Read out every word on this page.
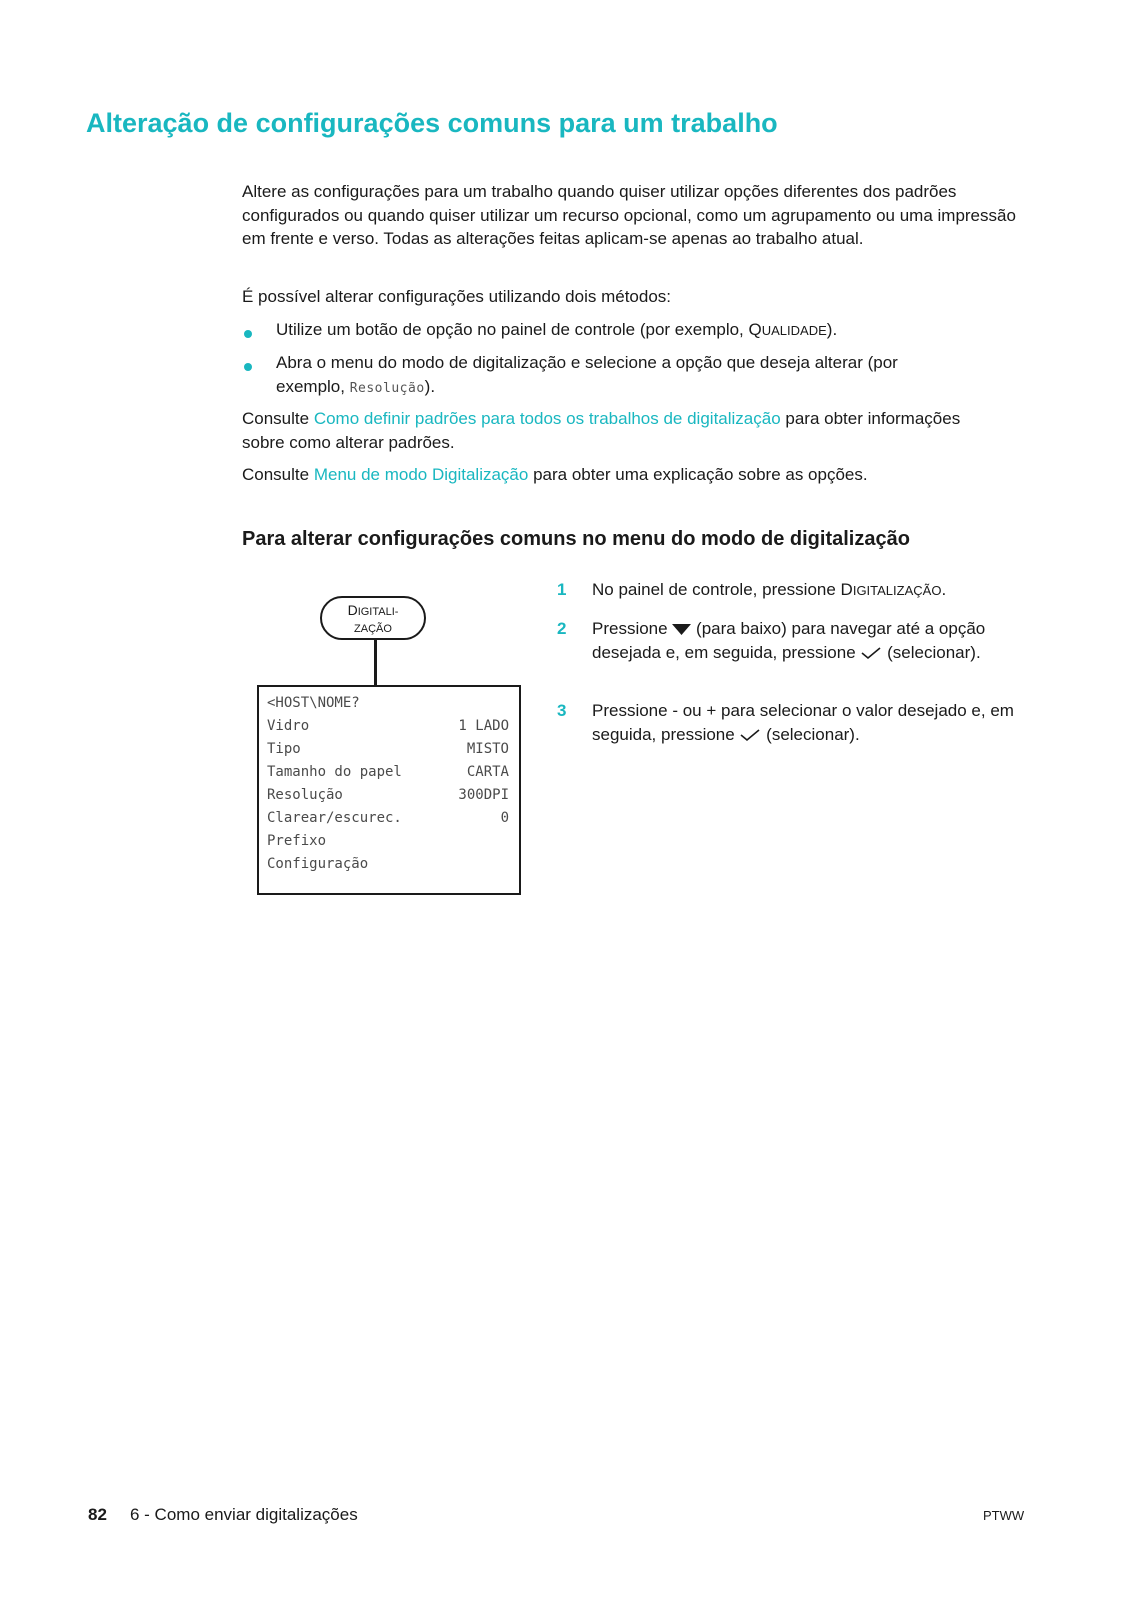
Alteração de configurações comuns para um trabalho

Altere as configurações para um trabalho quando quiser utilizar opções diferentes dos padrões configurados ou quando quiser utilizar um recurso opcional, como um agrupamento ou uma impressão em frente e verso. Todas as alterações feitas aplicam-se apenas ao trabalho atual.

É possível alterar configurações utilizando dois métodos:

Utilize um botão de opção no painel de controle (por exemplo, QUALIDADE).

Abra o menu do modo de digitalização e selecione a opção que deseja alterar (por exemplo, Resolução).

Consulte Como definir padrões para todos os trabalhos de digitalização para obter informações sobre como alterar padrões.

Consulte Menu de modo Digitalização para obter uma explicação sobre as opções.

Para alterar configurações comuns no menu do modo de digitalização
DIGITALI-
ZAÇÃO
<HOST\NOME?
Vidro	1 LADO
Tipo	MISTO
Tamanho do papel	CARTA
Resolução	300DPI
Clarear/escurec.	0
Prefixo
Configuração
1 No painel de controle, pressione DIGITALIZAÇÃO.

2 Pressione  (para baixo) para navegar até a opção desejada e, em seguida, pressione  (selecionar).

3 Pressione - ou + para selecionar o valor desejado e, em seguida, pressione  (selecionar).

82 6 - Como enviar digitalizações	PTWW
